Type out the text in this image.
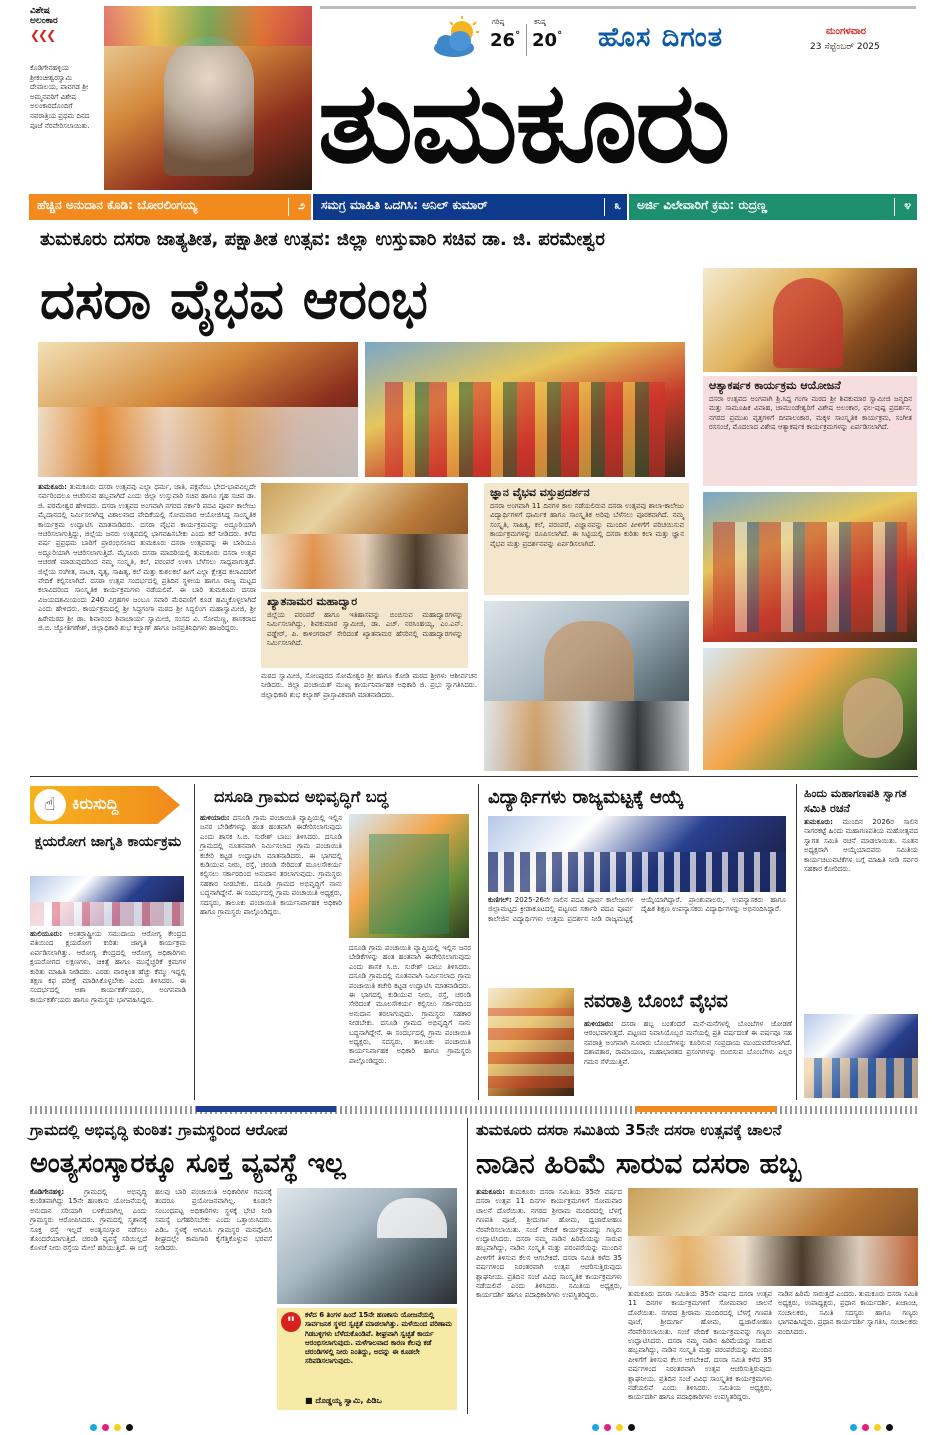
ವಿಶೇಷ
ಅಲಂಕಾರ
❮❮❮
ಕೊಡಿಗೇನಹಳ್ಳಿಯ ಶ್ರೀಕಂಚೀಶ್ವರಸ್ವಾಮಿ ದೇವಾಲಯ, ಪಾವಗಡ ಶ್ರೀ ಅಮ್ಮನವರಿಗೆ ವಿಶೇಷ ಅಲಂಕಾರದೊಂದಿಗೆ ನವರಾತ್ರಿಯ ಪ್ರಥಮ ದಿನದ ಪೂಜೆ ನೆರವೇರಿಸಲಾಯಿತು.
ಗರಿಷ್ಠ
26°
ಕನಿಷ್ಠ
20° ಹೊಸ ದಿಗಂತ	ಮಂಗಳವಾರ
23 ಸೆಪ್ಟೆಂಬರ್ 2025
ತುಮಕೂರು
ಹೆಚ್ಚಿನ ಅನುದಾನ ಕೊಡಿ: ಬೋರಲಿಂಗಯ್ಯ	೨ ಸಮಗ್ರ ಮಾಹಿತಿ ಒದಗಿಸಿ: ಅನಿಲ್ ಕುಮಾರ್	೩ ಅರ್ಜಿ ವಿಲೇವಾರಿಗೆ ಕ್ರಮ: ರುದ್ರಣ್ಣ	೪
ತುಮಕೂರು ದಸರಾ ಜಾತ್ಯತೀತ, ಪಕ್ಷಾತೀತ ಉತ್ಸವ: ಜಿಲ್ಲಾ ಉಸ್ತುವಾರಿ ಸಚಿವ ಡಾ. ಜಿ. ಪರಮೇಶ್ವರ
ದಸರಾ ವೈಭವ ಆರಂಭ
ತುಮಕೂರು: ತುಮಕೂರು ದಸರಾ ಉತ್ಸವವು ಎಲ್ಲಾ ಧರ್ಮ, ಜಾತಿ, ಪಕ್ಷವೆಂಬ ಭೇದ-ಭಾವವಿಲ್ಲದೇ ಸರ್ವರಿಂದಲೂ ಆಚರಿಸುವ ಹಬ್ಬವಾಗಿದೆ ಎಂದು ಜಿಲ್ಲಾ ಉಸ್ತುವಾರಿ ಸಚಿವ ಹಾಗೂ ಗೃಹ ಸಚಿವ ಡಾ. ಜಿ. ಪರಮೇಶ್ವರ ಹೇಳಿದರು. ದಸರಾ ಉತ್ಸವದ ಅಂಗವಾಗಿ ನಗರದ ಸರ್ಕಾರಿ ಪದವಿ ಪೂರ್ವ ಕಾಲೇಜು ಮೈದಾನದಲ್ಲಿ ನಿರ್ಮಿಸಲಾಗಿದ್ದ ವಿಶಾಲವಾದ ವೇದಿಕೆಯಲ್ಲಿ ಸೋಮವಾರ ಆಯೋಜಿಸಿದ್ದ ಸಾಂಸ್ಕೃತಿಕ ಕಾರ್ಯಕ್ರಮ ಉದ್ಘಾಟಿಸಿ ಮಾತನಾಡಿದರು. ದಸರಾ ವೈಭವ ಕಾರ್ಯಕ್ರಮವನ್ನು ಅದ್ದೂರಿಯಾಗಿ ಆಚರಿಸಲಾಗುತ್ತಿದ್ದು, ಜಿಲ್ಲೆಯ ಜನರು ಉತ್ಸವದಲ್ಲಿ ಭಾಗವಹಿಸಬೇಕು ಎಂದು ಕರೆ ನೀಡಿದರು. ಕಳೆದ ವರ್ಷ ಪ್ರಪ್ರಥಮ ಬಾರಿಗೆ ಪ್ರಾರಂಭಿಸಲಾದ ತುಮಕೂರು ದಸರಾ ಉತ್ಸವವನ್ನು ಈ ಬಾರಿಯೂ ಅದ್ದೂರಿಯಾಗಿ ಆಚರಿಸಲಾಗುತ್ತಿದೆ. ಮೈಸೂರು ದಸರಾ ಮಾದರಿಯಲ್ಲಿ ತುಮಕೂರು ದಸರಾ ಉತ್ಸವ ಆಚರಣೆ ಮಾಡುವುದರಿಂದ ನಮ್ಮ ಸಂಸ್ಕೃತಿ, ಕಲೆ, ಪರಂಪರೆ ಉಳಿಸಿ ಬೆಳೆಸಲು ಸಾಧ್ಯವಾಗುತ್ತದೆ. ಜಿಲ್ಲೆಯ ಸಂಗೀತ, ನಾಟಕ, ನೃತ್ಯ, ಸಾಹಿತ್ಯ, ಕಲೆ ಮತ್ತು ಕುಶಲಕಲೆ ಹೀಗೆ ಎಲ್ಲಾ ಕ್ಷೇತ್ರದ ಕಲಾವಿದರಿಗೆ ವೇದಿಕೆ ಕಲ್ಪಿಸಲಾಗಿದೆ. ದಸರಾ ಉತ್ಸವ ಸಂದರ್ಭದಲ್ಲಿ ಪ್ರತಿದಿನ ಸ್ಥಳೀಯ ಹಾಗೂ ರಾಜ್ಯ ಮಟ್ಟದ ಕಲಾವಿದರಿಂದ ಸಾಂಸ್ಕೃತಿಕ ಕಾರ್ಯಕ್ರಮಗಳು ನಡೆಯಲಿವೆ. ಈ ಬಾರಿ ತುಮಕೂರು ದಸರಾ ವಿಜಯದಶಮಿಯಂದು 240 ವಿಗ್ರಹಗಳ ಜಂಬೂ ಸವಾರಿ ಮೆರವಣಿಗೆ ಕೂಡ ಹಮ್ಮಿಕೊಳ್ಳಲಾಗಿದೆ ಎಂದು ಹೇಳಿದರು. ಕಾರ್ಯಕ್ರಮದಲ್ಲಿ ಶ್ರೀ ಸಿದ್ಧಗಂಗಾ ಮಠದ ಶ್ರೀ ಸಿದ್ಧಲಿಂಗ ಮಹಾಸ್ವಾಮೀಜಿ, ಶ್ರೀ ಹಿರೇಮಠದ ಶ್ರೀ ಡಾ. ಶಿವಾನಂದ ಶಿವಾಚಾರ್ಯ ಸ್ವಾಮೀಜಿ, ಸಂಸದ ವಿ. ಸೋಮಣ್ಣ, ಶಾಸಕರಾದ ಜಿ.ಬಿ. ಜ್ಯೋತಿಗಣೇಶ್, ಜಿಲ್ಲಾಧಿಕಾರಿ ಶುಭ ಕಲ್ಯಾಣ್ ಹಾಗೂ ಜನಪ್ರತಿನಿಧಿಗಳು ಹಾಜರಿದ್ದರು.
ಖ್ಯಾತನಾಮರ ಮಹಾದ್ವಾರ
ಜಿಲ್ಲೆಯ ಪರಂಪರೆ ಹಾಗೂ ಇತಿಹಾಸವನ್ನು ಬಿಂಬಿಸುವ ಮಹಾದ್ವಾರಗಳನ್ನು ನಿರ್ಮಿಸಲಾಗಿದ್ದು, ಶಿವಕುಮಾರ ಸ್ವಾಮೀಜಿ, ಡಾ. ಎಚ್. ನರಸಿಂಹಯ್ಯ, ಎಂ.ಎನ್. ವಡ್ಡೇರ್, ಪಿ. ಕಾಳಿಂಗರಾವ್ ಸೇರಿದಂತೆ ಖ್ಯಾತನಾಮರ ಹೆಸರಿನಲ್ಲಿ ಮಹಾದ್ವಾರಗಳನ್ನು ನಿರ್ಮಿಸಲಾಗಿದೆ.
ಮಠದ ಸ್ವಾಮೀಜಿ, ಸೋಂಪುರದ ಸೋಮೇಶ್ವರ ಶ್ರೀ ಹಾಗೂ ಕೋಡಿ ಮಠದ ಶ್ರೀಗಳು ಆಶೀರ್ವಚನ ನೀಡಿದರು. ಜಿಲ್ಲಾ ಪಂಚಾಯತ್ ಮುಖ್ಯ ಕಾರ್ಯನಿರ್ವಾಹಕ ಅಧಿಕಾರಿ ಜಿ. ಪ್ರಭು ಸ್ವಾಗತಿಸಿದರು. ಜಿಲ್ಲಾಧಿಕಾರಿ ಶುಭ ಕಲ್ಯಾಣ್ ಪ್ರಾಸ್ತಾವಿಕವಾಗಿ ಮಾತನಾಡಿದರು.
ಜ್ಞಾನ ವೈಭವ ವಸ್ತುಪ್ರದರ್ಶನ
ದಸರಾ ಅಂಗವಾಗಿ 11 ದಿನಗಳ ಕಾಲ ನಡೆಯಲಿರುವ ದಸರಾ ಉತ್ಸವವು ಶಾಲಾ-ಕಾಲೇಜು ವಿದ್ಯಾರ್ಥಿಗಳಿಗೆ ಧಾರ್ಮಿಕ ಹಾಗೂ ಸಾಂಸ್ಕೃತಿಕ ಅರಿವು ಬೆಳೆಸಲು ಪೂರಕವಾಗಿದೆ. ನಮ್ಮ ಸಂಸ್ಕೃತಿ, ಸಾಹಿತ್ಯ, ಕಲೆ, ಪರಂಪರೆ, ವಿಜ್ಞಾನವನ್ನು ಮುಂದಿನ ಪೀಳಿಗೆಗೆ ಪರಿಚಯಿಸುವ ಕಾರ್ಯಕ್ರಮಗಳನ್ನು ರೂಪಿಸಲಾಗಿದೆ. ಈ ಸಿಟ್ಟಿಯಲ್ಲಿ ದಸರಾ ಕುರಿತು ಕಲಾ ಮತ್ತು ಜ್ಞಾನ ವೈಭವ ಮತ್ತು ಪ್ರದರ್ಶನವನ್ನು ಏರ್ಪಡಿಸಲಾಗಿದೆ.
ಆತ್ಯಾಕರ್ಷಕ ಕಾರ್ಯಕ್ರಮ ಆಯೋಜನೆ
ದಸರಾ ಉತ್ಸವದ ಅಂಗವಾಗಿ ಶ್ರಿ.ಸಿದ್ದ ಗಂಗಾ ಮಠದ ಶ್ರೀ ಶಿವಕುಮಾರ ಸ್ವಾಮೀಜಿ ಜನ್ಮದಿನ ಮತ್ತು ಸಾಮೂಹಿಕ ವಿವಾಹ, ಜಾಮುಂಡೇಶ್ವರಿಗೆ ವಿಶೇಷ ಅಲಂಕಾರ, ಫಲ-ಪುಷ್ಪ ಪ್ರದರ್ಶನ, ನಗರದ ಪ್ರಮುಖ ವೃತ್ತಗಳಿಗೆ ದೀಪಾಲಂಕಾರ, ಮಕ್ಕಳ ಸಾಂಸ್ಕೃತಿಕ ಕಾರ್ಯಕ್ರಮ, ಸಂಗೀತ ರಸಸಂಜೆ, ಮೊದಲಾದ ವಿಶೇಷ ಆತ್ಯಾಕರ್ಷಕ ಕಾರ್ಯಕ್ರಮಗಳನ್ನು ಏರ್ಪಡಿಸಲಾಗಿದೆ.
☝	ಕಿರುಸುದ್ದಿ
ಕ್ಷಯರೋಗ ಜಾಗೃತಿ ಕಾರ್ಯಕ್ರಮ
ಹುಲಿಯೂರು: ಅಂತರ್ರಾಷ್ಟ್ರೀಯ ಸಮುದಾಯ ಆರೋಗ್ಯ ಕೇಂದ್ರದ ವತಿಯಿಂದ ಕ್ಷಯರೋಗ ಕುರಿತು ಜಾಗೃತಿ ಕಾರ್ಯಕ್ರಮ ಏರ್ಪಡಿಸಲಾಗಿತ್ತು. ಆರೋಗ್ಯ ಕೇಂದ್ರದಲ್ಲಿ ಆರೋಗ್ಯ ಅಧಿಕಾರಿಗಳು ಕ್ಷಯರೋಗದ ಲಕ್ಷಣಗಳು, ಚಿಕಿತ್ಸೆ ಹಾಗೂ ಮುನ್ನೆಚ್ಚರಿಕೆ ಕ್ರಮಗಳ ಕುರಿತು ಮಾಹಿತಿ ನೀಡಿದರು. ಎರಡು ವಾರಕ್ಕಿಂತ ಹೆಚ್ಚು ಕೆಮ್ಮು ಇದ್ದಲ್ಲಿ ತಕ್ಷಣ ಕಫ ಪರೀಕ್ಷೆ ಮಾಡಿಸಿಕೊಳ್ಳಬೇಕು ಎಂದು ತಿಳಿಸಿದರು. ಈ ಸಂದರ್ಭದಲ್ಲಿ ಆಶಾ ಕಾರ್ಯಕರ್ತೆಯರು, ಅಂಗನವಾಡಿ ಕಾರ್ಯಕರ್ತೆಯರು ಹಾಗೂ ಗ್ರಾಮಸ್ಥರು ಭಾಗವಹಿಸಿದ್ದರು.
ದಸೂಡಿ ಗ್ರಾಮದ ಅಭಿವೃದ್ಧಿಗೆ ಬದ್ಧ
ಹುಳಿಯಾರು: ದಸೂಡಿ ಗ್ರಾಮ ಪಂಚಾಯಿತಿ ವ್ಯಾಪ್ತಿಯಲ್ಲಿ ಇಲ್ಲಿನ ಜನರ ಬೇಡಿಕೆಗಳನ್ನು ಹಂತ ಹಂತವಾಗಿ ಈಡೇರಿಸಲಾಗುವುದು ಎಂದು ಶಾಸಕ ಸಿ.ಬಿ. ಸುರೇಶ್ ಬಾಬು ತಿಳಿಸಿದರು. ದಸೂಡಿ ಗ್ರಾಮದಲ್ಲಿ ನೂತನವಾಗಿ ನಿರ್ಮಿಸಲಾದ ಗ್ರಾಮ ಪಂಚಾಯಿತಿ ಕಚೇರಿ ಕಟ್ಟಡ ಉದ್ಘಾಟಿಸಿ ಮಾತನಾಡಿದರು. ಈ ಭಾಗದಲ್ಲಿ ಕುಡಿಯುವ ನೀರು, ರಸ್ತೆ, ಚರಂಡಿ ಸೇರಿದಂತೆ ಮೂಲಸೌಕರ್ಯ ಕಲ್ಪಿಸಲು ಸರ್ಕಾರದಿಂದ ಅನುದಾನ ತರಲಾಗುವುದು. ಗ್ರಾಮಸ್ಥರು ಸಹಕಾರ ನೀಡಬೇಕು. ದಸೂಡಿ ಗ್ರಾಮದ ಅಭಿವೃದ್ಧಿಗೆ ನಾನು ಬದ್ಧನಾಗಿದ್ದೇನೆ. ಈ ಸಂದರ್ಭದಲ್ಲಿ ಗ್ರಾಮ ಪಂಚಾಯಿತಿ ಅಧ್ಯಕ್ಷರು, ಸದಸ್ಯರು, ತಾಲೂಕು ಪಂಚಾಯಿತಿ ಕಾರ್ಯನಿರ್ವಾಹಕ ಅಧಿಕಾರಿ ಹಾಗೂ ಗ್ರಾಮಸ್ಥರು ಪಾಲ್ಗೊಂಡಿದ್ದರು.
ದಸೂಡಿ ಗ್ರಾಮ ಪಂಚಾಯಿತಿ ವ್ಯಾಪ್ತಿಯಲ್ಲಿ ಇಲ್ಲಿನ ಜನರ ಬೇಡಿಕೆಗಳನ್ನು ಹಂತ ಹಂತವಾಗಿ ಈಡೇರಿಸಲಾಗುವುದು ಎಂದು ಶಾಸಕ ಸಿ.ಬಿ. ಸುರೇಶ್ ಬಾಬು ತಿಳಿಸಿದರು. ದಸೂಡಿ ಗ್ರಾಮದಲ್ಲಿ ನೂತನವಾಗಿ ನಿರ್ಮಿಸಲಾದ ಗ್ರಾಮ ಪಂಚಾಯಿತಿ ಕಚೇರಿ ಕಟ್ಟಡ ಉದ್ಘಾಟಿಸಿ ಮಾತನಾಡಿದರು. ಈ ಭಾಗದಲ್ಲಿ ಕುಡಿಯುವ ನೀರು, ರಸ್ತೆ, ಚರಂಡಿ ಸೇರಿದಂತೆ ಮೂಲಸೌಕರ್ಯ ಕಲ್ಪಿಸಲು ಸರ್ಕಾರದಿಂದ ಅನುದಾನ ತರಲಾಗುವುದು. ಗ್ರಾಮಸ್ಥರು ಸಹಕಾರ ನೀಡಬೇಕು. ದಸೂಡಿ ಗ್ರಾಮದ ಅಭಿವೃದ್ಧಿಗೆ ನಾನು ಬದ್ಧನಾಗಿದ್ದೇನೆ. ಈ ಸಂದರ್ಭದಲ್ಲಿ ಗ್ರಾಮ ಪಂಚಾಯಿತಿ ಅಧ್ಯಕ್ಷರು, ಸದಸ್ಯರು, ತಾಲೂಕು ಪಂಚಾಯಿತಿ ಕಾರ್ಯನಿರ್ವಾಹಕ ಅಧಿಕಾರಿ ಹಾಗೂ ಗ್ರಾಮಸ್ಥರು ಪಾಲ್ಗೊಂಡಿದ್ದರು.
ವಿದ್ಯಾರ್ಥಿಗಳು ರಾಜ್ಯಮಟ್ಟಕ್ಕೆ ಆಯ್ಕೆ
ಕುಣಿಗಲ್: 2025-26ನೇ ಸಾಲಿನ ಪದವಿ ಪೂರ್ವ ಕಾಲೇಜುಗಳ ಜಿಲ್ಲಾಮಟ್ಟದ ಕ್ರೀಡಾಕೂಟದಲ್ಲಿ ಪಟ್ಟಣದ ಸರ್ಕಾರಿ ಪದವಿ ಪೂರ್ವ ಕಾಲೇಜಿನ ವಿದ್ಯಾರ್ಥಿಗಳು ಉತ್ತಮ ಪ್ರದರ್ಶನ ನೀಡಿ ರಾಜ್ಯಮಟ್ಟಕ್ಕೆ ಆಯ್ಕೆಯಾಗಿದ್ದಾರೆ. ಪ್ರಾಂಶುಪಾಲರು, ಉಪನ್ಯಾಸಕರು ಹಾಗೂ ದೈಹಿಕ ಶಿಕ್ಷಣ ಉಪನ್ಯಾಸಕರು ವಿದ್ಯಾರ್ಥಿಗಳನ್ನು ಅಭಿನಂದಿಸಿದ್ದಾರೆ.
ಹಿಂದು ಮಹಾಗಣಪತಿ ಸ್ವಾಗತ ಸಮಿತಿ ರಚನೆ
ತುಮಕೂರು: ಮುಂದಿನ 2026ರ ಸಾಲಿನ ನಾಗರಕಟ್ಟೆ ಹಿಂದು ಮಹಾಗಣಪತಿಯ ಮಹೋತ್ಸವದ ಸ್ವಾಗತ ಸಮಿತಿ ರಚನೆ ಮಾಡಲಾಯಿತು. ನೂತನ ಅಧ್ಯಕ್ಷರಾಗಿ ಆಯ್ಕೆಯಾದವರು ಸಮಿತಿಯ ಕಾರ್ಯಚಟುವಟಿಕೆಗಳ ಬಗ್ಗೆ ಮಾಹಿತಿ ನೀಡಿ ಸರ್ವರ ಸಹಕಾರ ಕೋರಿದರು.
ನವರಾತ್ರಿ ಬೊಂಬೆ ವೈಭವ
ಹುಳಿಯಾರು: ದಸರಾ ಹಬ್ಬ ಬಂತೆಂದರೆ ಮನೆ-ಮನೆಗಳಲ್ಲಿ ಬೊಂಬೆಗಳ ಜೋಡಣೆ ಆರಂಭವಾಗುತ್ತದೆ. ಪಟ್ಟಣದ ನಿವಾಸಿಯೊಬ್ಬರ ಮನೆಯಲ್ಲಿ ಪ್ರತಿ ವರ್ಷದಂತೆ ಈ ವರ್ಷವೂ ಸಹ ನವರಾತ್ರಿ ಅಂಗವಾಗಿ ನೂರಾರು ಬೊಂಬೆಗಳನ್ನು ಕೂರಿಸುವ ಸಂಪ್ರದಾಯ ಮುಂದುವರೆಸಲಾಗಿದೆ. ದಶಾವತಾರ, ರಾಮಾಯಣ, ಮಹಾಭಾರತದ ಪ್ರಸಂಗಗಳನ್ನು ಬಿಂಬಿಸುವ ಬೊಂಬೆಗಳು ಎಲ್ಲರ ಗಮನ ಸೆಳೆಯುತ್ತಿವೆ.
ಗ್ರಾಮದಲ್ಲಿ ಅಭಿವೃದ್ಧಿ ಕುಂಠಿತ: ಗ್ರಾಮಸ್ಥರಿಂದ ಆರೋಪ
ಅಂತ್ಯಸಂಸ್ಕಾರಕ್ಕೂ ಸೂಕ್ತ ವ್ಯವಸ್ಥೆ ಇಲ್ಲ
ಕೊಡಿಗೇನಹಳ್ಳಿ:	ಗ್ರಾಮದಲ್ಲಿ ಅಭಿವೃದ್ಧಿ ಕುಂಠಿತವಾಗಿದ್ದು 15ನೇ ಹಣಕಾಸು ಯೋಜನೆಯಲ್ಲಿ ಅನುದಾನ ಸರಿಯಾಗಿ ಬಳಕೆಯಾಗಿಲ್ಲ ಎಂದು ಗ್ರಾಮಸ್ಥರು ಆರೋಪಿಸಿದರು. ಗ್ರಾಮದಲ್ಲಿ ಸ್ಮಶಾನಕ್ಕೆ ಸೂಕ್ತ ರಸ್ತೆ ಇಲ್ಲದೆ ಅಂತ್ಯಸಂಸ್ಕಾರ ನಡೆಸಲು ತೊಂದರೆಯಾಗುತ್ತಿದೆ. ಚರಂಡಿ ವ್ಯವಸ್ಥೆ ಸರಿಯಿಲ್ಲದೆ ಕೊಳಚೆ ನೀರು ರಸ್ತೆಯ ಮೇಲೆ ಹರಿಯುತ್ತಿದೆ. ಈ ಬಗ್ಗೆ ಹಲವು ಬಾರಿ ಪಂಚಾಯಿತಿ ಅಧಿಕಾರಿಗಳ ಗಮನಕ್ಕೆ ತಂದರೂ ಪ್ರಯೋಜನವಾಗಿಲ್ಲ. ಕೂಡಲೇ ಸಂಬಂಧಪಟ್ಟ ಅಧಿಕಾರಿಗಳು ಸ್ಥಳಕ್ಕೆ ಭೇಟಿ ನೀಡಿ ಸಮಸ್ಯೆ ಬಗೆಹರಿಸಬೇಕು ಎಂದು ಒತ್ತಾಯಿಸಿದರು. ಪಿಡಿಒ ಸ್ಥಳಕ್ಕೆ ಆಗಮಿಸಿ ಗ್ರಾಮಸ್ಥರ ಮನವೊಲಿಸಿ ಶೀಘ್ರದಲ್ಲೇ ಕಾಮಗಾರಿ ಕೈಗೆತ್ತಿಕೊಳ್ಳುವ ಭರವಸೆ ನೀಡಿದರು.
"	ಕಳೆದ 6 ತಿಂಗಳ ಹಿಂದೆ 15ನೇ ಹಣಕಾಸು ಯೋಜನೆಯಲ್ಲಿ ಸಾರ್ವಜನಿಕ ಸ್ಥಳದ ಸ್ವಚ್ಛತೆ ಮಾಡಲಾಗಿತ್ತು. ಮಳೆಯಿಂದ ಪರಿಣಾಮ ಗಿಡಬಳ್ಳಿಗಳು ಬೆಳೆದುಕೊಂಡಿವೆ. ಶೀಘ್ರವಾಗಿ ಸ್ವಚ್ಛತೆ ಕಾರ್ಯ ಆರಂಭಿಸಲಾಗುವುದು. ಮಳೆಗಾಲವಾದ ಕಾರಣ ಕೆಲವು ಕಡೆ ಚರಂಡಿಗಳಲ್ಲಿ ನೀರು ನಿಂತಿದ್ದು, ಅದನ್ನು ಈ ಕೂಡಲೇ ಸರಿಪಡಿಸಲಾಗುವುದು.
■ ದೊಡ್ಡಯ್ಯ ಸ್ವಾಮಿ, ಪಿಡಿಒ
ತುಮಕೂರು ದಸರಾ ಸಮಿತಿಯ 35ನೇ ದಸರಾ ಉತ್ಸವಕ್ಕೆ ಚಾಲನೆ
ನಾಡಿನ ಹಿರಿಮೆ ಸಾರುವ ದಸರಾ ಹಬ್ಬ
ತುಮಕೂರು: ತುಮಕೂರು ದಸರಾ ಸಮಿತಿಯ 35ನೇ ವರ್ಷದ ದಸರಾ ಉತ್ಸವ 11 ದಿನಗಳ ಕಾರ್ಯಕ್ರಮಗಳಿಗೆ ಸೋಮವಾರ ಚಾಲನೆ ದೊರೆಯಿತು. ನಗರದ ಶ್ರೀರಾಮ ಮಂದಿರದಲ್ಲಿ ಬೆಳಗ್ಗೆ ಗಣಪತಿ ಪೂಜೆ, ಶ್ರೀದುರ್ಗಾ ಹೋಮ, ಧ್ವಜಾರೋಹಣ ನೆರವೇರಿಸಲಾಯಿತು. ಸಂಜೆ ವೇದಿಕೆ ಕಾರ್ಯಕ್ರಮವನ್ನು ಗಣ್ಯರು ಉದ್ಘಾಟಿಸಿದರು. ದಸರಾ ನಮ್ಮ ನಾಡಿನ ಹಿರಿಮೆಯನ್ನು ಸಾರುವ ಹಬ್ಬವಾಗಿದ್ದು, ನಾಡಿನ ಸಂಸ್ಕೃತಿ ಮತ್ತು ಪರಂಪರೆಯನ್ನು ಮುಂದಿನ ಪೀಳಿಗೆಗೆ ತಿಳಿಸುವ ಕೆಲಸ ಆಗಬೇಕಿದೆ. ದಸರಾ ಸಮಿತಿ ಕಳೆದ 35 ವರ್ಷಗಳಿಂದ ನಿರಂತರವಾಗಿ ಉತ್ಸವ ಆಚರಿಸುತ್ತಿರುವುದು ಶ್ಲಾಘನೀಯ. ಪ್ರತಿದಿನ ಸಂಜೆ ವಿವಿಧ ಸಾಂಸ್ಕೃತಿಕ ಕಾರ್ಯಕ್ರಮಗಳು ನಡೆಯಲಿವೆ ಎಂದು ತಿಳಿಸಿದರು. ಸಮಿತಿಯ ಅಧ್ಯಕ್ಷರು, ಕಾರ್ಯದರ್ಶಿ ಹಾಗೂ ಪದಾಧಿಕಾರಿಗಳು ಉಪಸ್ಥಿತರಿದ್ದರು.	ತುಮಕೂರು ದಸರಾ ಸಮಿತಿಯ 35ನೇ ವರ್ಷದ ದಸರಾ ಉತ್ಸವ 11 ದಿನಗಳ ಕಾರ್ಯಕ್ರಮಗಳಿಗೆ ಸೋಮವಾರ ಚಾಲನೆ ದೊರೆಯಿತು. ನಗರದ ಶ್ರೀರಾಮ ಮಂದಿರದಲ್ಲಿ ಬೆಳಗ್ಗೆ ಗಣಪತಿ ಪೂಜೆ, ಶ್ರೀದುರ್ಗಾ ಹೋಮ, ಧ್ವಜಾರೋಹಣ ನೆರವೇರಿಸಲಾಯಿತು. ಸಂಜೆ ವೇದಿಕೆ ಕಾರ್ಯಕ್ರಮವನ್ನು ಗಣ್ಯರು ಉದ್ಘಾಟಿಸಿದರು. ದಸರಾ ನಮ್ಮ ನಾಡಿನ ಹಿರಿಮೆಯನ್ನು ಸಾರುವ ಹಬ್ಬವಾಗಿದ್ದು, ನಾಡಿನ ಸಂಸ್ಕೃತಿ ಮತ್ತು ಪರಂಪರೆಯನ್ನು ಮುಂದಿನ ಪೀಳಿಗೆಗೆ ತಿಳಿಸುವ ಕೆಲಸ ಆಗಬೇಕಿದೆ. ದಸರಾ ಸಮಿತಿ ಕಳೆದ 35 ವರ್ಷಗಳಿಂದ ನಿರಂತರವಾಗಿ ಉತ್ಸವ ಆಚರಿಸುತ್ತಿರುವುದು ಶ್ಲಾಘನೀಯ. ಪ್ರತಿದಿನ ಸಂಜೆ ವಿವಿಧ ಸಾಂಸ್ಕೃತಿಕ ಕಾರ್ಯಕ್ರಮಗಳು ನಡೆಯಲಿವೆ ಎಂದು ತಿಳಿಸಿದರು. ಸಮಿತಿಯ ಅಧ್ಯಕ್ಷರು, ಕಾರ್ಯದರ್ಶಿ ಹಾಗೂ ಪದಾಧಿಕಾರಿಗಳು ಉಪಸ್ಥಿತರಿದ್ದರು.
ನಾಡಿನ ಹಿರಿಮೆ ಸಾರುತ್ತದೆ ಎಂದರು. ತುಮಕೂರು ದಸರಾ ಸಮಿತಿ ಅಧ್ಯಕ್ಷರು, ಉಪಾಧ್ಯಕ್ಷರು, ಪ್ರಧಾನ ಕಾರ್ಯದರ್ಶಿ, ಖಜಾಂಚಿ, ಸಂಚಾಲಕರು, ಸಮಿತಿ ಸದಸ್ಯರು ಹಾಗೂ ಗಣ್ಯರು ಭಾಗವಹಿಸಿದ್ದರು. ಪ್ರಧಾನ ಕಾರ್ಯದರ್ಶಿ ಸ್ವಾಗತಿಸಿ, ಸಂಚಾಲಕರು ವಂದಿಸಿದರು.
